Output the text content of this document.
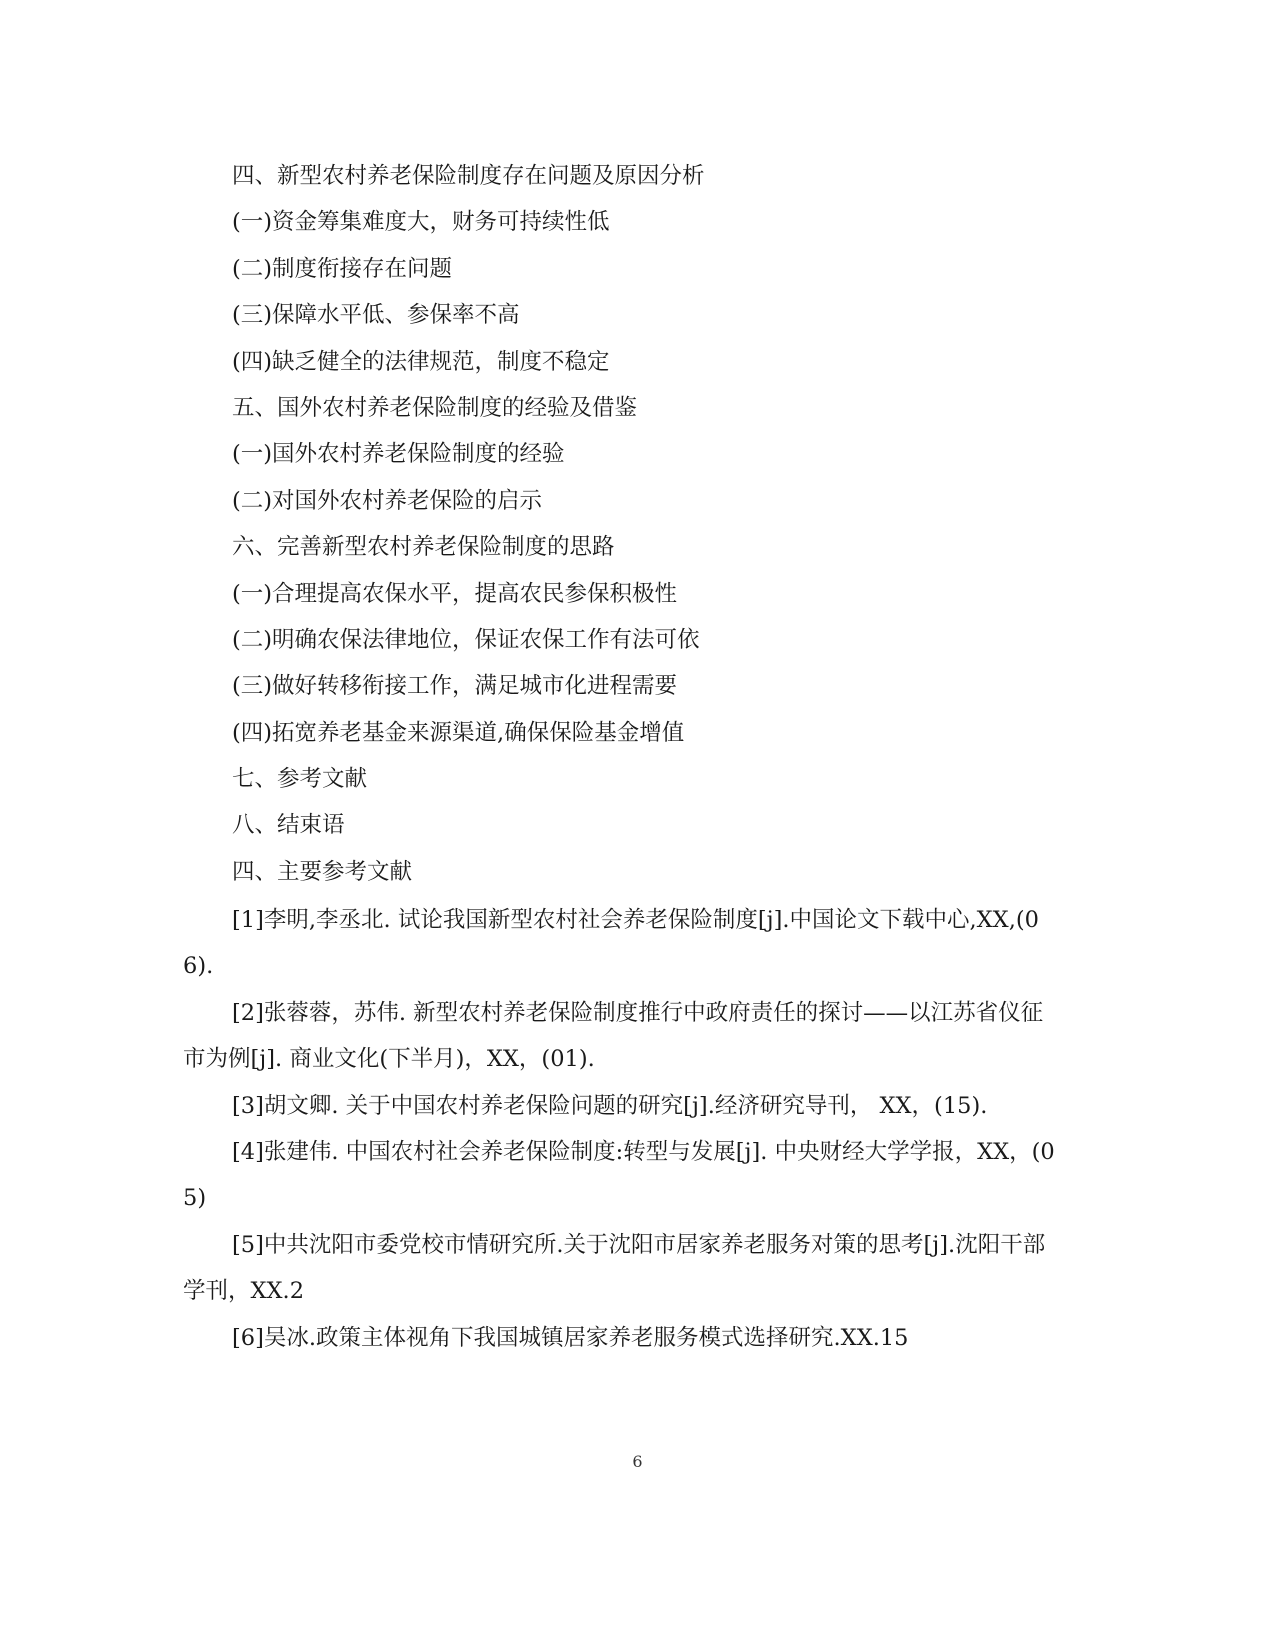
四、新型农村养老保险制度存在问题及原因分析
(一)资金筹集难度大，财务可持续性低
(二)制度衔接存在问题
(三)保障水平低、参保率不高
(四)缺乏健全的法律规范，制度不稳定
五、国外农村养老保险制度的经验及借鉴
(一)国外农村养老保险制度的经验
(二)对国外农村养老保险的启示
六、完善新型农村养老保险制度的思路
(一)合理提高农保水平，提高农民参保积极性
(二)明确农保法律地位，保证农保工作有法可依
(三)做好转移衔接工作，满足城市化进程需要
(四)拓宽养老基金来源渠道,确保保险基金增值
七、参考文献
八、结束语
四、主要参考文献

[1]李明,李丞北. 试论我国新型农村社会养老保险制度[j].中国论文下载中心,XX,(06).

[2]张蓉蓉，苏伟. 新型农村养老保险制度推行中政府责任的探讨——以江苏省仪征市为例[j]. 商业文化(下半月)，XX，(01).

[3]胡文卿. 关于中国农村养老保险问题的研究[j].经济研究导刊， XX，(15).

[4]张建伟. 中国农村社会养老保险制度:转型与发展[j]. 中央财经大学学报，XX，(05)

[5]中共沈阳市委党校市情研究所.关于沈阳市居家养老服务对策的思考[j].沈阳干部学刊，XX.2

[6]吴冰.政策主体视角下我国城镇居家养老服务模式选择研究.XX.15

6
